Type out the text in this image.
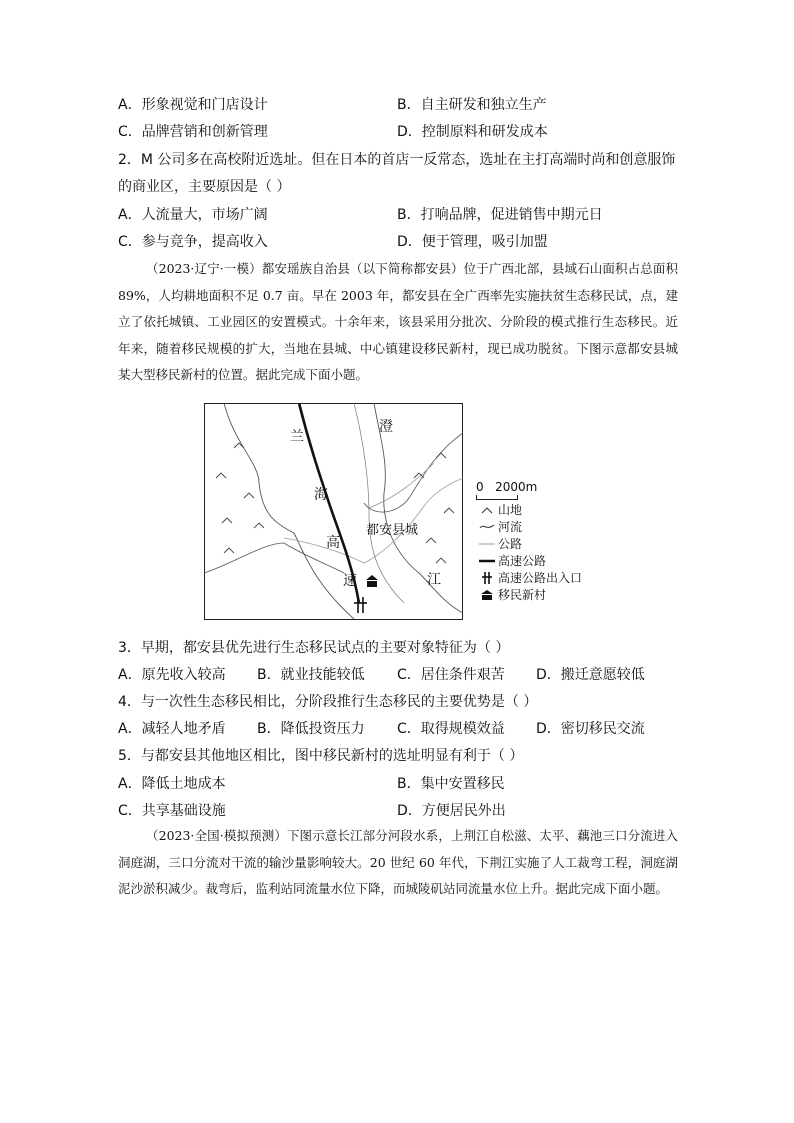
A．形象视觉和门店设计	B．自主研发和独立生产
C．品牌营销和创新管理	D．控制原料和研发成本
2．M 公司多在高校附近选址。但在日本的首店一反常态，选址在主打高端时尚和创意服饰
的商业区，主要原因是（ ）
A．人流量大，市场广阔	B．打响品牌，促进销售中期元日
C．参与竞争，提高收入	D．便于管理，吸引加盟
（2023·辽宁·一模）都安瑶族自治县（以下简称都安县）位于广西北部，县域石山面积占总面积 89%，人均耕地面积不足 0.7 亩。早在 2003 年，都安县在全广西率先实施扶贫生态移民试，点，建立了依托城镇、工业园区的安置模式。十余年来，该县采用分批次、分阶段的模式推行生态移民。近年来，随着移民规模的扩大，当地在县城、中心镇建设移民新村，现已成功脱贫。下图示意都安县城某大型移民新村的位置。据此完成下面小题。
兰
海
高
速
澄
江
都安县城
0   2000m
山地
河流
公路
高速公路
高速公路出入口
移民新村
3．早期，都安县优先进行生态移民试点的主要对象特征为（ ）
A．原先收入较高 B．就业技能较低 C．居住条件艰苦 D．搬迁意愿较低
4．与一次性生态移民相比，分阶段推行生态移民的主要优势是（ ）
A．减轻人地矛盾 B．降低投资压力 C．取得规模效益 D．密切移民交流
5．与都安县其他地区相比，图中移民新村的选址明显有利于（ ）
A．降低土地成本	B．集中安置移民
C．共享基础设施	D．方便居民外出
（2023·全国·模拟预测）下图示意长江部分河段水系，上荆江自松滋、太平、藕池三口分流进入洞庭湖，三口分流对干流的输沙量影响较大。20 世纪 60 年代，下荆江实施了人工裁弯工程，洞庭湖泥沙淤积减少。裁弯后，监利站同流量水位下降，而城陵矶站同流量水位上升。据此完成下面小题。
